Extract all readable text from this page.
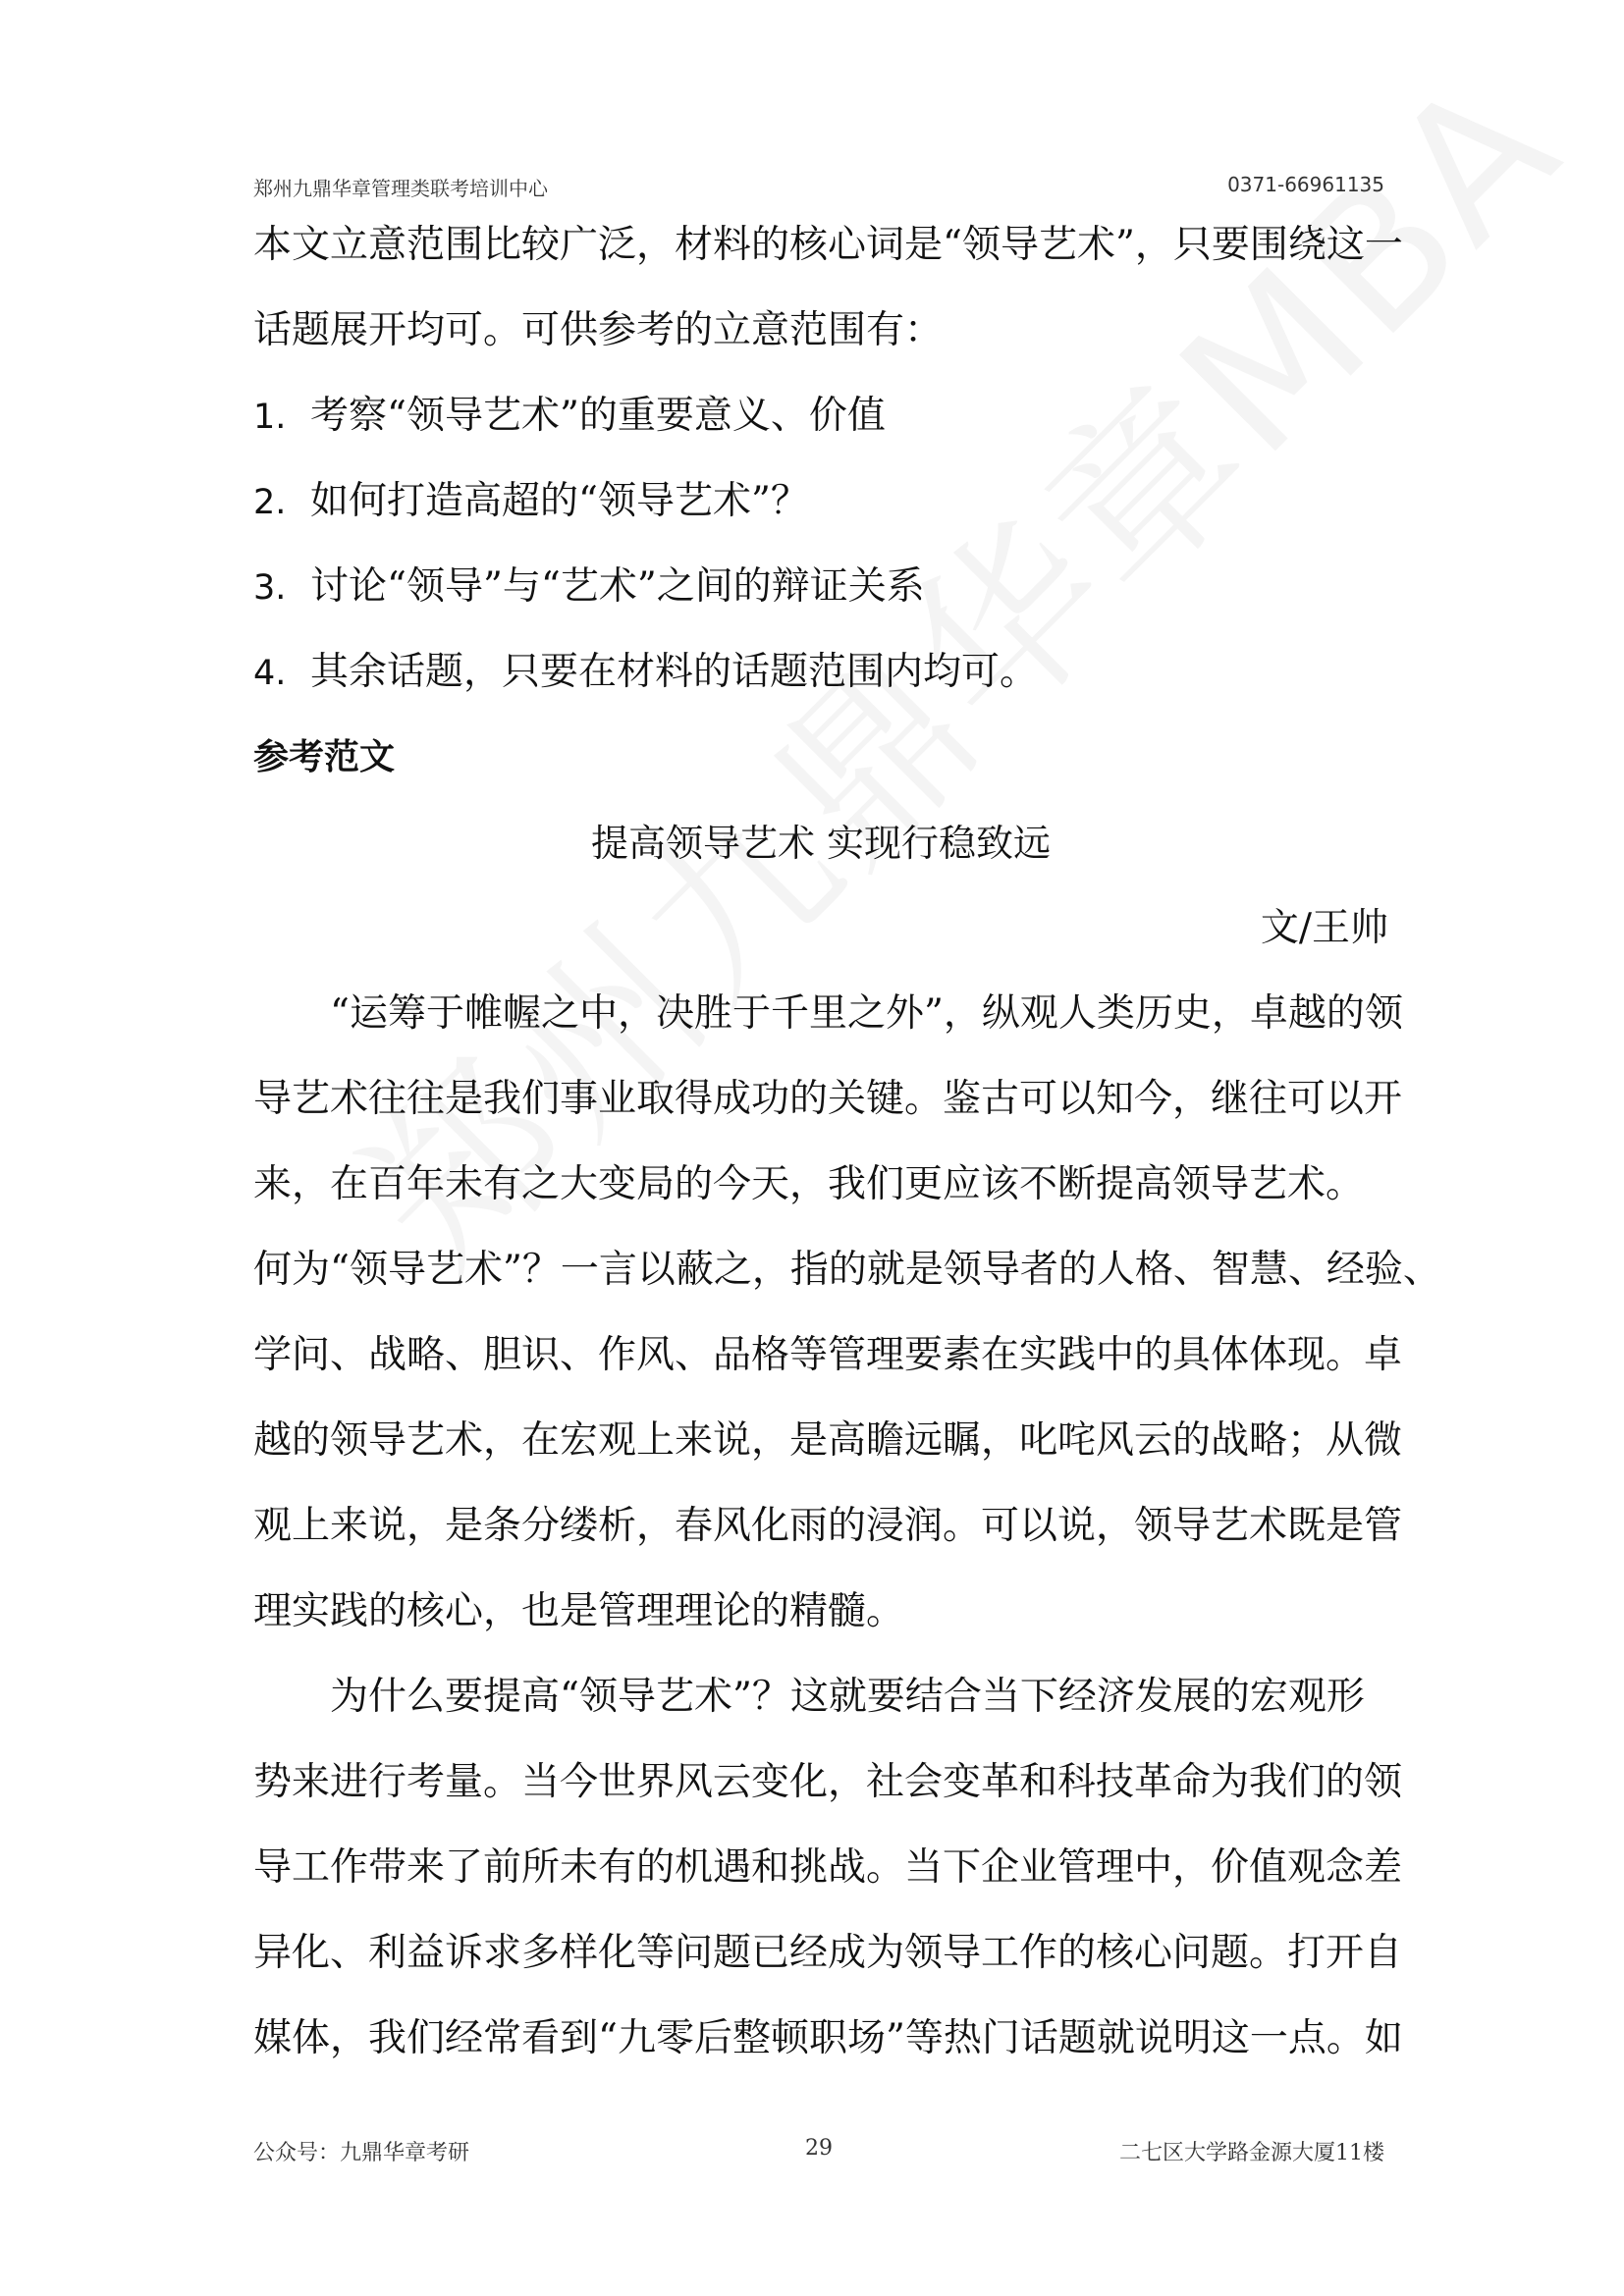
郑州九鼎华章管理类联考培训中心	0371-66961135
本文立意范围比较广泛，材料的核心词是“领导艺术”，只要围绕这一
话题展开均可。可供参考的立意范围有：
1. 考察“领导艺术”的重要意义、价值
2. 如何打造高超的“领导艺术”？
3. 讨论“领导”与“艺术”之间的辩证关系
4. 其余话题，只要在材料的话题范围内均可。
参考范文
提高领导艺术 实现行稳致远
文/王帅
“运筹于帷幄之中，决胜于千里之外”，纵观人类历史，卓越的领
导艺术往往是我们事业取得成功的关键。鉴古可以知今，继往可以开
来，在百年未有之大变局的今天，我们更应该不断提高领导艺术。
何为“领导艺术”？一言以蔽之，指的就是领导者的人格、智慧、经验、
学问、战略、胆识、作风、品格等管理要素在实践中的具体体现。卓
越的领导艺术，在宏观上来说，是高瞻远瞩，叱咤风云的战略；从微
观上来说，是条分缕析，春风化雨的浸润。可以说，领导艺术既是管
理实践的核心，也是管理理论的精髓。
为什么要提高“领导艺术”？这就要结合当下经济发展的宏观形
势来进行考量。当今世界风云变化，社会变革和科技革命为我们的领
导工作带来了前所未有的机遇和挑战。当下企业管理中，价值观念差
异化、利益诉求多样化等问题已经成为领导工作的核心问题。打开自
媒体，我们经常看到“九零后整顿职场”等热门话题就说明这一点。如
公众号：九鼎华章考研	29	二七区大学路金源大厦11楼
